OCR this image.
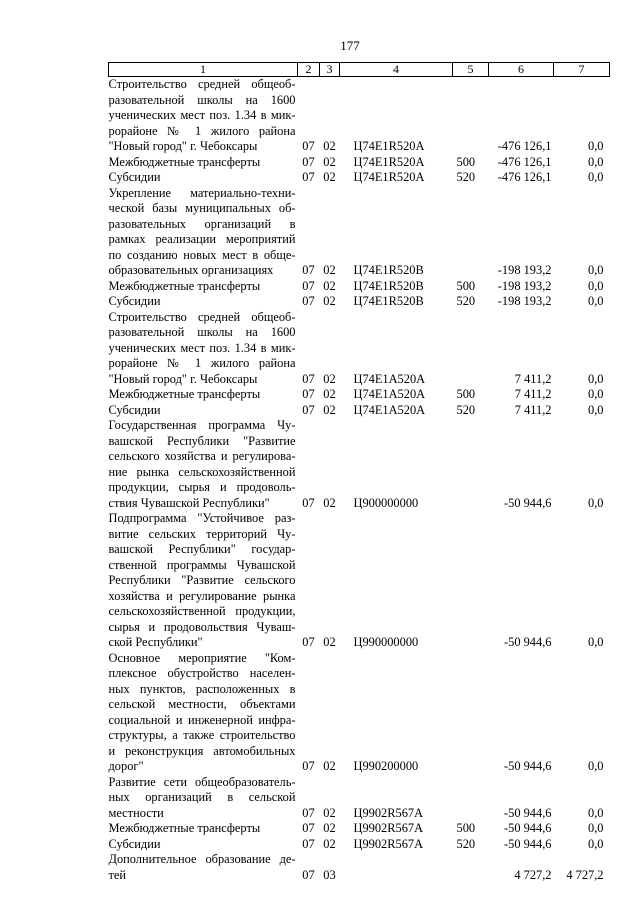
177
1	2	3	4	5	6	7
Строительство средней общеоб-разовательной школы на 1600 ученических мест поз. 1.34 в мик-рорайоне № 1 жилого района "Новый город" г. Чебоксары	07	02	Ц74E1R520A		-476 126,1	0,0
Межбюджетные трансферты	07	02	Ц74E1R520A	500	-476 126,1	0,0
Субсидии	07	02	Ц74E1R520A	520	-476 126,1	0,0
Укрепление материально-техни-ческой базы муниципальных об-разовательных организаций в рамках реализации мероприятий по созданию новых мест в обще-образовательных организациях	07	02	Ц74E1R520B		-198 193,2	0,0
Межбюджетные трансферты	07	02	Ц74E1R520B	500	-198 193,2	0,0
Субсидии	07	02	Ц74E1R520B	520	-198 193,2	0,0
Строительство средней общеоб-разовательной школы на 1600 ученических мест поз. 1.34 в мик-рорайоне № 1 жилого района "Новый город" г. Чебоксары	07	02	Ц74E1A520A		7 411,2	0,0
Межбюджетные трансферты	07	02	Ц74E1A520A	500	7 411,2	0,0
Субсидии	07	02	Ц74E1A520A	520	7 411,2	0,0
Государственная программа Чу-вашской Республики "Развитие сельского хозяйства и регулирова-ние рынка сельскохозяйственной продукции, сырья и продоволь-ствия Чувашской Республики"	07	02	Ц900000000		-50 944,6	0,0
Подпрограмма "Устойчивое раз-витие сельских территорий Чу-вашской Республики" государ-ственной программы Чувашской Республики "Развитие сельского хозяйства и регулирование рынка сельскохозяйственной продукции, сырья и продовольствия Чуваш-ской Республики"	07	02	Ц990000000		-50 944,6	0,0
Основное мероприятие "Ком-плексное обустройство населен-ных пунктов, расположенных в сельской местности, объектами социальной и инженерной инфра-структуры, а также строительство и реконструкция автомобильных дорог"	07	02	Ц990200000		-50 944,6	0,0
Развитие сети общеобразователь-ных организаций в сельской местности	07	02	Ц9902R567A		-50 944,6	0,0
Межбюджетные трансферты	07	02	Ц9902R567A	500	-50 944,6	0,0
Субсидии	07	02	Ц9902R567A	520	-50 944,6	0,0
Дополнительное образование де-тей	07	03			4 727,2	4 727,2
